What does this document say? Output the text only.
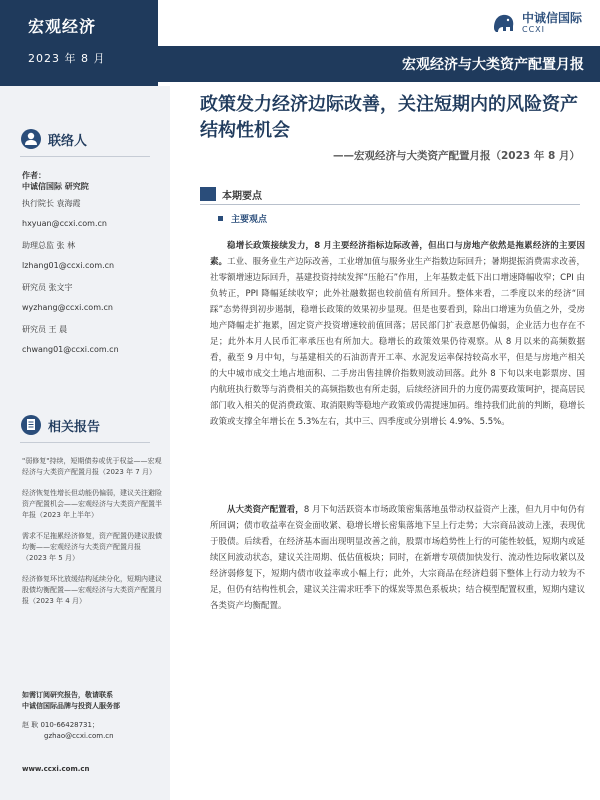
宏观经济
2023 年 8 月
中诚信国际
CCXI
宏观经济与大类资产配置月报
联络人
作者：
中诚信国际 研究院
执行院长 袁海霞
hxyuan@ccxi.com.cn
助理总监 张 林
lzhang01@ccxi.com.cn
研究员 张文宇
wyzhang@ccxi.com.cn
研究员 王 晨
chwang01@ccxi.com.cn
相关报告
"弱修复"持续，短期债券或优于权益——宏观经济与大类资产配置月报（2023 年 7 月）
经济恢复性增长但动能仍偏弱，建议关注避险资产配置机会——宏观经济与大类资产配置半年报（2023 年上半年）
需求不足拖累经济修复，资产配置仍建议股债均衡——宏观经济与大类资产配置月报（2023 年 5 月）
经济修复环比放缓结构延续分化，短期内建议股债均衡配置——宏观经济与大类资产配置月报（2023 年 4 月）
如需订阅研究报告，敬请联系
中诚信国际品牌与投资人服务部
赵 耿 010-66428731；
gzhao@ccxi.com.cn
www.ccxi.com.cn
政策发力经济边际改善，关注短期内的风险资产结构性机会
——宏观经济与大类资产配置月报（2023 年 8 月）
本期要点
主要观点

稳增长政策接续发力，8 月主要经济指标边际改善，但出口与房地产依然是拖累经济的主要因素。工业、服务业生产边际改善，工业增加值与服务业生产指数边际回升；暑期提振消费需求改善，社零额增速边际回升，基建投资持续发挥“压舱石”作用，上年基数走低下出口增速降幅收窄；CPI 由负转正，PPI 降幅延续收窄；此外社融数据也较前值有所回升。整体来看，二季度以来的经济“回踩”态势得到初步遏制，稳增长政策的效果初步显现。但是也要看到，除出口增速为负值之外，受房地产降幅走扩拖累，固定资产投资增速较前值回落；居民部门扩表意愿仍偏弱，企业活力也存在不足；此外本月人民币汇率承压也有所加大。稳增长的政策效果仍待观察。从 8 月以来的高频数据看，截至 9 月中旬，与基建相关的石油沥青开工率、水泥发运率保持较高水平，但是与房地产相关的大中城市成交土地占地面积、二手房出售挂牌价指数则波动回落。此外 8 下旬以来电影票房、国内航班执行数等与消费相关的高频指数也有所走弱，后续经济回升的力度仍需要政策呵护，提高居民部门收入相关的促消费政策、取消限购等稳地产政策或仍需提速加码。维持我们此前的判断，稳增长政策或支撑全年增长在 5.3%左右，其中三、四季度或分别增长 4.9%、5.5%。

从大类资产配置看，8 月下旬活跃资本市场政策密集落地虽带动权益资产上涨，但九月中旬仍有所回调；债市收益率在资金面收紧、稳增长增长密集落地下呈上行走势；大宗商品波动上涨，表现优于股债。后续看，在经济基本面出现明显改善之前，股票市场趋势性上行的可能性较低，短期内或延续区间波动状态，建议关注周期、低估值板块；同时，在新增专项债加快发行、流动性边际收紧以及经济弱修复下，短期内债市收益率或小幅上行；此外，大宗商品在经济趋弱下整体上行动力较为不足，但仍有结构性机会，建议关注需求旺季下的煤炭等黑色系板块；结合模型配置权重，短期内建议各类资产均衡配置。
